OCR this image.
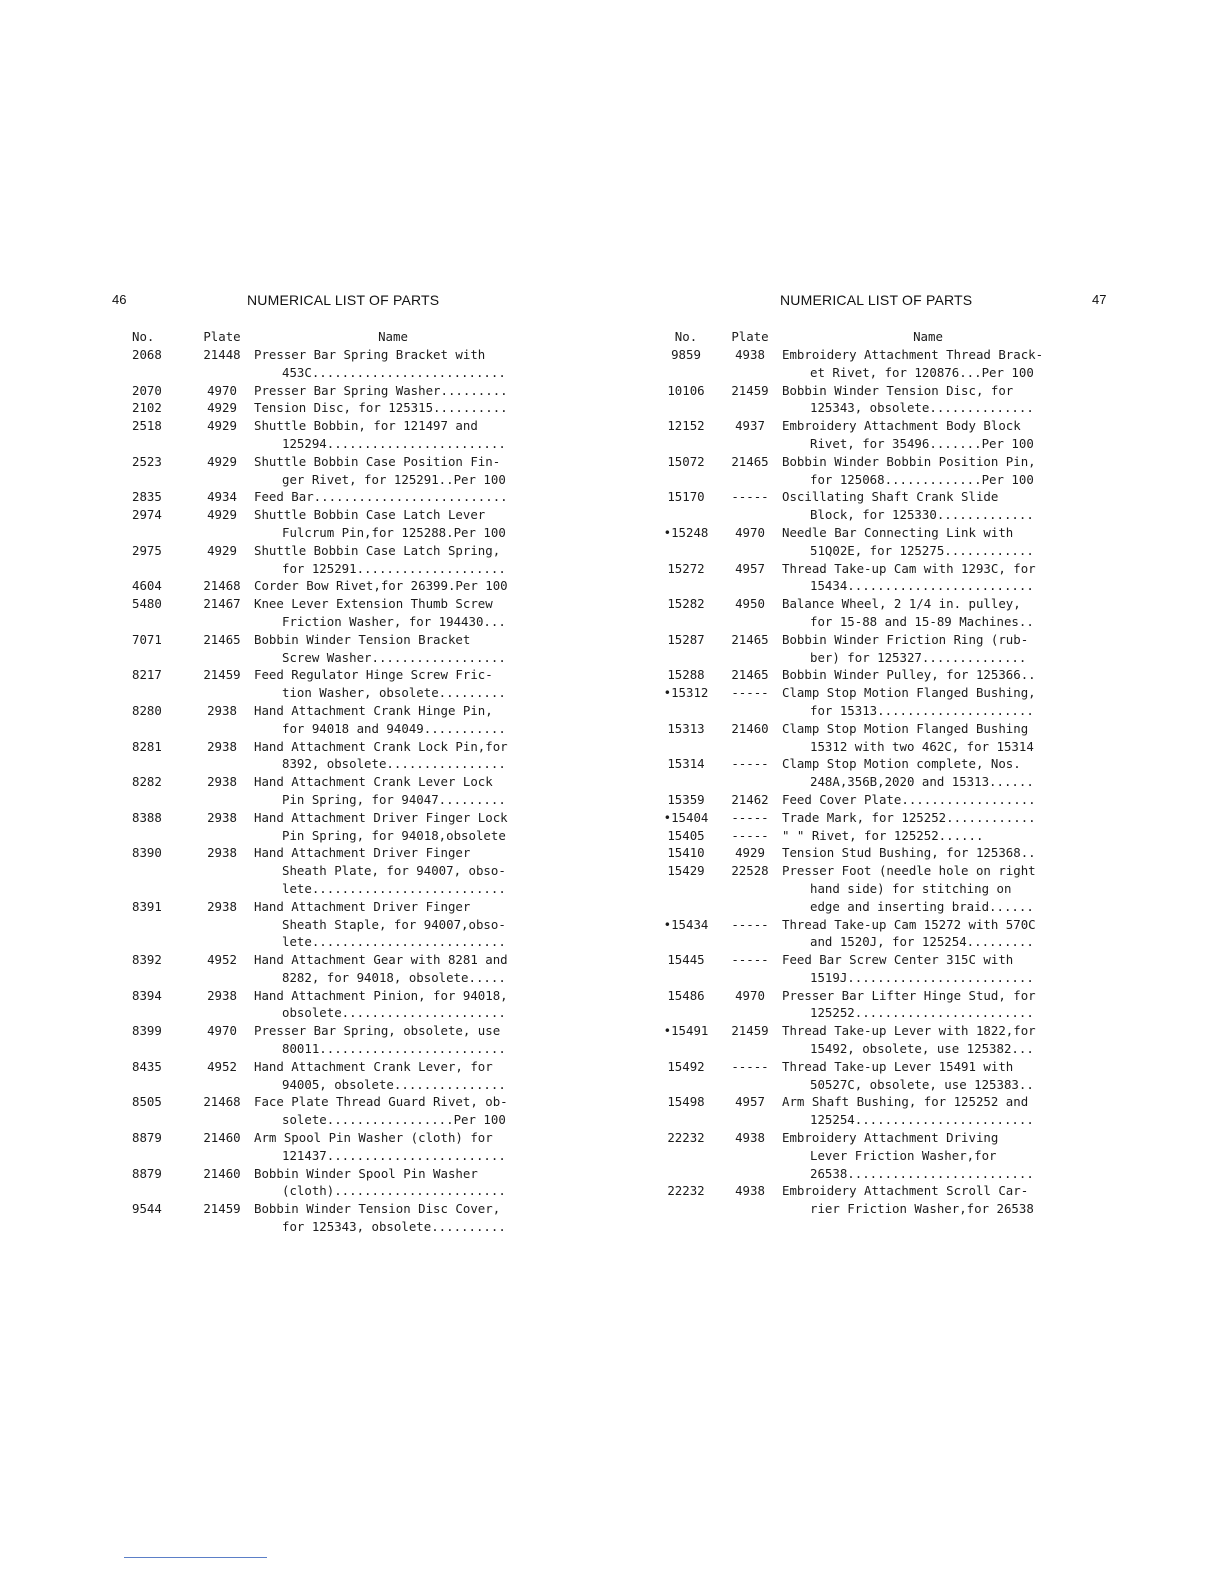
46	NUMERICAL LIST OF PARTS	NUMERICAL LIST OF PARTS	47
No.	Plate	Name
2068	21448	Presser Bar Spring Bracket with
453C..........................
2070	4970	Presser Bar Spring Washer.........
2102	4929	Tension Disc, for 125315..........
2518	4929	Shuttle Bobbin, for 121497 and
125294........................
2523	4929	Shuttle Bobbin Case Position Fin-
ger Rivet, for 125291..Per 100
2835	4934	Feed Bar..........................
2974	4929	Shuttle Bobbin Case Latch Lever
Fulcrum Pin,for 125288.Per 100
2975	4929	Shuttle Bobbin Case Latch Spring,
for 125291....................
4604	21468	Corder Bow Rivet,for 26399.Per 100
5480	21467	Knee Lever Extension Thumb Screw
Friction Washer, for 194430...
7071	21465	Bobbin Winder Tension Bracket
Screw Washer..................
8217	21459	Feed Regulator Hinge Screw Fric-
tion Washer, obsolete.........
8280	2938	Hand Attachment Crank Hinge Pin,
for 94018 and 94049...........
8281	2938	Hand Attachment Crank Lock Pin,for
8392, obsolete................
8282	2938	Hand Attachment Crank Lever Lock
Pin Spring, for 94047.........
8388	2938	Hand Attachment Driver Finger Lock
Pin Spring, for 94018,obsolete
8390	2938	Hand Attachment Driver Finger
Sheath Plate, for 94007, obso-
lete..........................
8391	2938	Hand Attachment Driver Finger
Sheath Staple, for 94007,obso-
lete..........................
8392	4952	Hand Attachment Gear with 8281 and
8282, for 94018, obsolete.....
8394	2938	Hand Attachment Pinion, for 94018,
obsolete......................
8399	4970	Presser Bar Spring, obsolete, use
80011.........................
8435	4952	Hand Attachment Crank Lever, for
94005, obsolete...............
8505	21468	Face Plate Thread Guard Rivet, ob-
solete.................Per 100
8879	21460	Arm Spool Pin Washer (cloth) for
121437........................
8879	21460	Bobbin Winder Spool Pin Washer
(cloth).......................
9544	21459	Bobbin Winder Tension Disc Cover,
for 125343, obsolete..........
No.	Plate	Name
9859	4938	Embroidery Attachment Thread Brack-
et Rivet, for 120876...Per 100
10106	21459	Bobbin Winder Tension Disc, for
125343, obsolete..............
12152	4937	Embroidery Attachment Body Block
Rivet, for 35496.......Per 100
15072	21465	Bobbin Winder Bobbin Position Pin,
for 125068.............Per 100
15170	-----	Oscillating Shaft Crank Slide
Block, for 125330.............
•15248	4970	Needle Bar Connecting Link with
51Q02E, for 125275............
15272	4957	Thread Take-up Cam with 1293C, for
15434.........................
15282	4950	Balance Wheel, 2 1/4 in. pulley,
for 15-88 and 15-89 Machines..
15287	21465	Bobbin Winder Friction Ring (rub-
ber) for 125327..............
15288	21465	Bobbin Winder Pulley, for 125366..
•15312	-----	Clamp Stop Motion Flanged Bushing,
for 15313.....................
15313	21460	Clamp Stop Motion Flanged Bushing
15312 with two 462C, for 15314
15314	-----	Clamp Stop Motion complete, Nos.
248A,356B,2020 and 15313......
15359	21462	Feed Cover Plate..................
•15404	-----	Trade Mark, for 125252............
15405	-----	" " Rivet, for 125252......
15410	4929	Tension Stud Bushing, for 125368..
15429	22528	Presser Foot (needle hole on right
hand side) for stitching on
edge and inserting braid......
•15434	-----	Thread Take-up Cam 15272 with 570C
and 1520J, for 125254.........
15445	-----	Feed Bar Screw Center 315C with
1519J.........................
15486	4970	Presser Bar Lifter Hinge Stud, for
125252........................
•15491	21459	Thread Take-up Lever with 1822,for
15492, obsolete, use 125382...
15492	-----	Thread Take-up Lever 15491 with
50527C, obsolete, use 125383..
15498	4957	Arm Shaft Bushing, for 125252 and
125254........................
22232	4938	Embroidery Attachment Driving
Lever Friction Washer,for
26538.........................
22232	4938	Embroidery Attachment Scroll Car-
rier Friction Washer,for 26538
